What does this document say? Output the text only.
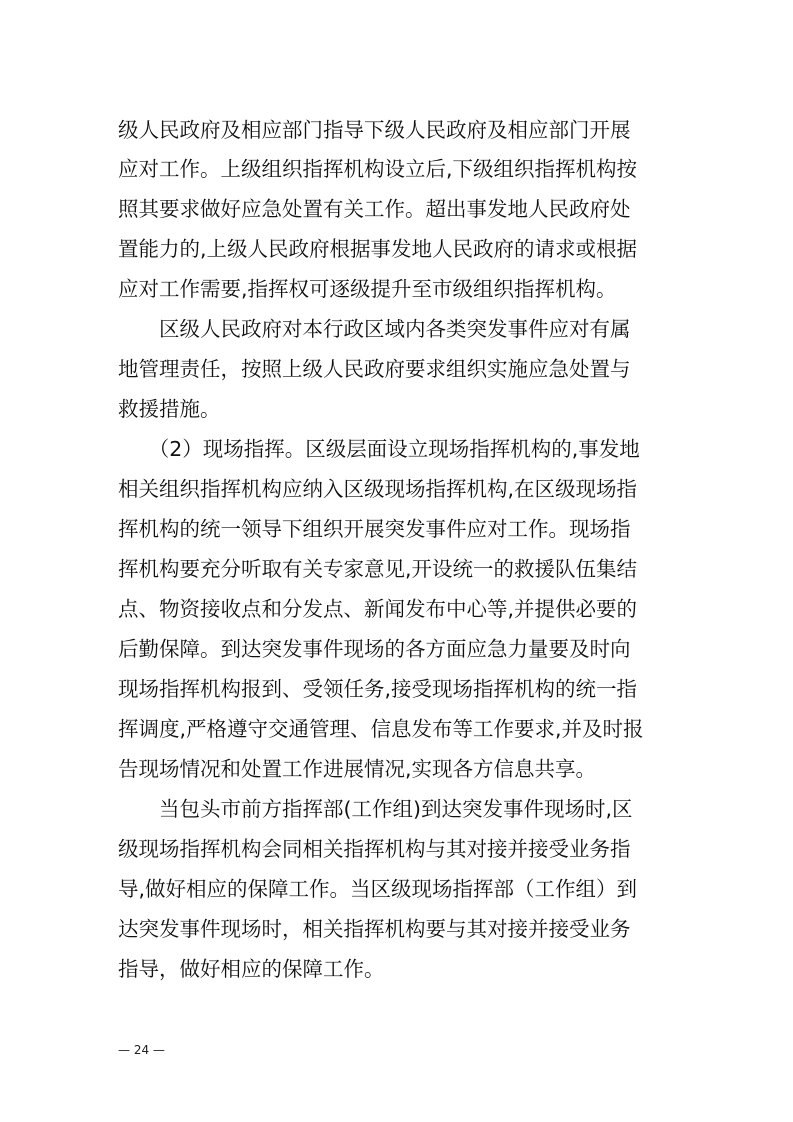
级人民政府及相应部门指导下级人民政府及相应部门开展
应对工作。上级组织指挥机构设立后,下级组织指挥机构按
照其要求做好应急处置有关工作。超出事发地人民政府处
置能力的,上级人民政府根据事发地人民政府的请求或根据
应对工作需要,指挥权可逐级提升至市级组织指挥机构。
　　区级人民政府对本行政区域内各类突发事件应对有属
地管理责任，按照上级人民政府要求组织实施应急处置与
救援措施。
　　（2）现场指挥。区级层面设立现场指挥机构的,事发地
相关组织指挥机构应纳入区级现场指挥机构,在区级现场指
挥机构的统一领导下组织开展突发事件应对工作。现场指
挥机构要充分听取有关专家意见,开设统一的救援队伍集结
点、物资接收点和分发点、新闻发布中心等,并提供必要的
后勤保障。到达突发事件现场的各方面应急力量要及时向
现场指挥机构报到、受领任务,接受现场指挥机构的统一指
挥调度,严格遵守交通管理、信息发布等工作要求,并及时报
告现场情况和处置工作进展情况,实现各方信息共享。
　　当包头市前方指挥部(工作组)到达突发事件现场时,区
级现场指挥机构会同相关指挥机构与其对接并接受业务指
导,做好相应的保障工作。当区级现场指挥部（工作组）到
达突发事件现场时，相关指挥机构要与其对接并接受业务
指导，做好相应的保障工作。
— 24 —
